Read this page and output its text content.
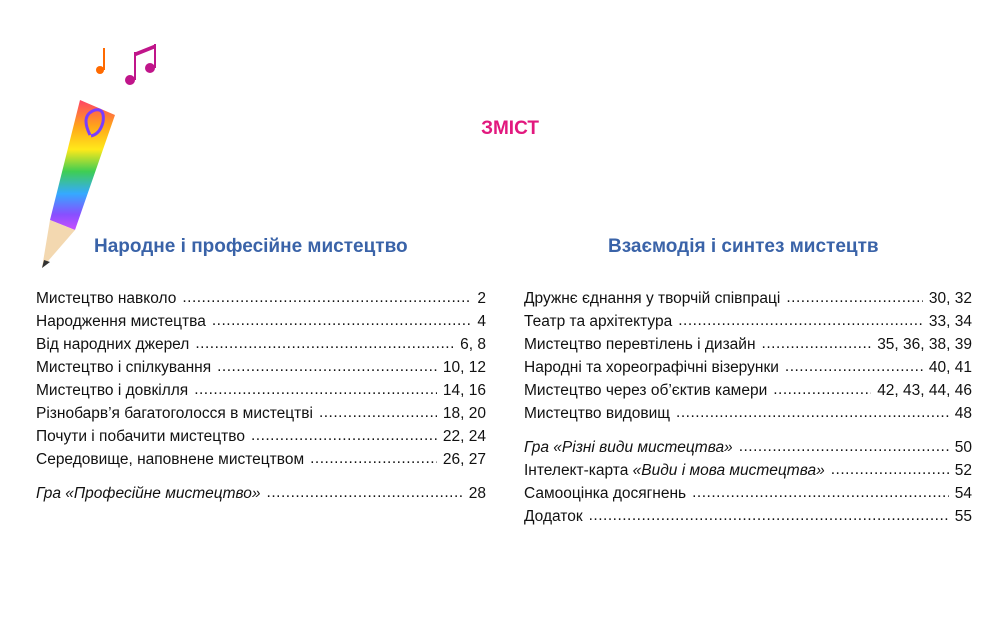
ЗМІСТ
Народне і професійне мистецтво	Взаємодія і синтез мистецтв
Мистецтво навколо .....	2
Народження мистецтва .....	4
Від народних джерел .....	6, 8
Мистецтво і спілкування .....	10, 12
Мистецтво і довкілля .....	14, 16
Різнобарв’я багатоголосся в мистецтві .....	18, 20
Почути і побачити мистецтво .....	22, 24
Середовище, наповнене мистецтвом .....	26, 27
Гра «Професійне мистецтво» .....	28
Дружнє єднання у творчій співпраці .....	30, 32
Театр та архітектура .....	33, 34
Мистецтво перевтілень і дизайн .....	35, 36, 38, 39
Народні та хореографічні візерунки .....	40, 41
Мистецтво через об’єктив камери .....	42, 43, 44, 46
Мистецтво видовищ .....	48
Гра «Різні види мистецтва» .....	50
Інтелект-карта «Види і мова мистецтва» .....	52
Самооцінка досягнень .....	54
Додаток .....	55
